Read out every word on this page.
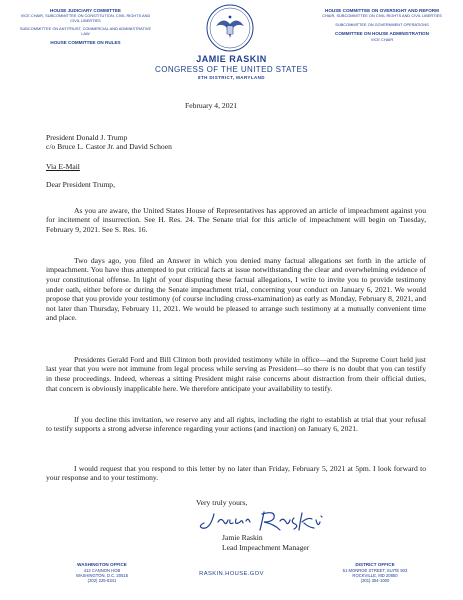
HOUSE JUDICIARY COMMITTEE
VICE CHAIR, SUBCOMMITTEE ON CONSTITUTION, CIVIL RIGHTS AND CIVIL LIBERTIES
SUBCOMMITTEE ON ANTITRUST, COMMERCIAL AND ADMINISTRATIVE LAW
HOUSE COMMITTEE ON RULES
JAMIE RASKIN
CONGRESS OF THE UNITED STATES
8TH DISTRICT, MARYLAND
HOUSE COMMITTEE ON OVERSIGHT AND REFORM
CHAIR, SUBCOMMITTEE ON CIVIL RIGHTS AND CIVIL LIBERTIES
SUBCOMMITTEE ON GOVERNMENT OPERATIONS
COMMITTEE ON HOUSE ADMINISTRATION
VICE CHAIR
February 4, 2021
President Donald J. Trump
c/o Bruce L. Castor Jr. and David Schoen
Via E-Mail
Dear President Trump,

As you are aware, the United States House of Representatives has approved an article of impeachment against you for incitement of insurrection. See H. Res. 24. The Senate trial for this article of impeachment will begin on Tuesday, February 9, 2021. See S. Res. 16.

Two days ago, you filed an Answer in which you denied many factual allegations set forth in the article of impeachment. You have thus attempted to put critical facts at issue notwithstanding the clear and overwhelming evidence of your constitutional offense. In light of your disputing these factual allegations, I write to invite you to provide testimony under oath, either before or during the Senate impeachment trial, concerning your conduct on January 6, 2021. We would propose that you provide your testimony (of course including cross-examination) as early as Monday, February 8, 2021, and not later than Thursday, February 11, 2021. We would be pleased to arrange such testimony at a mutually convenient time and place.

Presidents Gerald Ford and Bill Clinton both provided testimony while in office—and the Supreme Court held just last year that you were not immune from legal process while serving as President—so there is no doubt that you can testify in these proceedings. Indeed, whereas a sitting President might raise concerns about distraction from their official duties, that concern is obviously inapplicable here. We therefore anticipate your availability to testify.

If you decline this invitation, we reserve any and all rights, including the right to establish at trial that your refusal to testify supports a strong adverse inference regarding your actions (and inaction) on January 6, 2021.

I would request that you respond to this letter by no later than Friday, February 5, 2021 at 5pm. I look forward to your response and to your testimony.

Very truly yours,
Jamie Raskin
Lead Impeachment Manager
WASHINGTON OFFICE
412 CANNON HOB
WASHINGTON, D.C. 20515
(202) 225-5341
RASKIN.HOUSE.GOV
DISTRICT OFFICE
51 MONROE STREET, SUITE 503
ROCKVILLE, MD 20850
(301) 354-1000
